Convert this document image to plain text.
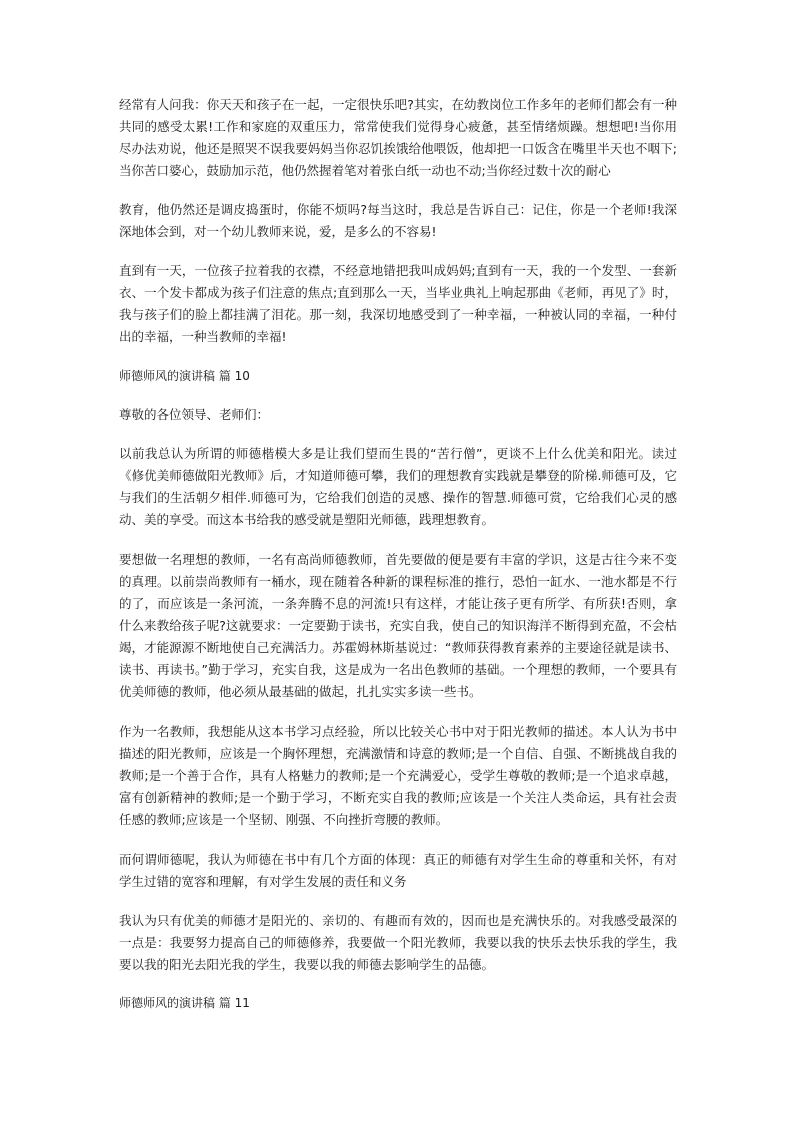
经常有人问我：你天天和孩子在一起，一定很快乐吧?其实，在幼教岗位工作多年的老师们都会有一种共同的感受太累!工作和家庭的双重压力，常常使我们觉得身心疲惫，甚至情绪烦躁。想想吧!当你用尽办法劝说，他还是照哭不误我要妈妈当你忍饥挨饿给他喂饭，他却把一口饭含在嘴里半天也不咽下;当你苦口婆心，鼓励加示范，他仍然握着笔对着张白纸一动也不动;当你经过数十次的耐心

教育，他仍然还是调皮捣蛋时，你能不烦吗?每当这时，我总是告诉自己：记住，你是一个老师!我深深地体会到，对一个幼儿教师来说，爱，是多么的不容易!

直到有一天，一位孩子拉着我的衣襟，不经意地错把我叫成妈妈;直到有一天，我的一个发型、一套新衣、一个发卡都成为孩子们注意的焦点;直到那么一天，当毕业典礼上响起那曲《老师，再见了》时，我与孩子们的脸上都挂满了泪花。那一刻，我深切地感受到了一种幸福，一种被认同的幸福，一种付出的幸福，一种当教师的幸福!

师德师风的演讲稿 篇 10

尊敬的各位领导、老师们：

以前我总认为所谓的师德楷模大多是让我们望而生畏的“苦行僧”，更谈不上什么优美和阳光。读过《修优美师德做阳光教师》后，才知道师德可攀，我们的理想教育实践就是攀登的阶梯.师德可及，它与我们的生活朝夕相伴.师德可为，它给我们创造的灵感、操作的智慧.师德可赏，它给我们心灵的感动、美的享受。而这本书给我的感受就是塑阳光师德，践理想教育。

要想做一名理想的教师，一名有高尚师德教师，首先要做的便是要有丰富的学识，这是古往今来不变的真理。以前崇尚教师有一桶水，现在随着各种新的课程标准的推行，恐怕一缸水、一池水都是不行的了，而应该是一条河流，一条奔腾不息的河流!只有这样，才能让孩子更有所学、有所获!否则，拿什么来教给孩子呢?这就要求：一定要勤于读书，充实自我，使自己的知识海洋不断得到充盈，不会枯竭，才能源源不断地使自己充满活力。苏霍姆林斯基说过：“教师获得教育素养的主要途径就是读书、读书、再读书。”勤于学习，充实自我，这是成为一名出色教师的基础。一个理想的教师，一个要具有优美师德的教师，他必须从最基础的做起，扎扎实实多读一些书。

作为一名教师，我想能从这本书学习点经验，所以比较关心书中对于阳光教师的描述。本人认为书中描述的阳光教师，应该是一个胸怀理想，充满激情和诗意的教师;是一个自信、自强、不断挑战自我的教师;是一个善于合作，具有人格魅力的教师;是一个充满爱心，受学生尊敬的教师;是一个追求卓越，富有创新精神的教师;是一个勤于学习，不断充实自我的教师;应该是一个关注人类命运，具有社会责任感的教师;应该是一个坚韧、刚强、不向挫折弯腰的教师。

而何谓师德呢，我认为师德在书中有几个方面的体现：真正的师德有对学生生命的尊重和关怀，有对学生过错的宽容和理解，有对学生发展的责任和义务

我认为只有优美的师德才是阳光的、亲切的、有趣而有效的，因而也是充满快乐的。对我感受最深的一点是：我要努力提高自己的师德修养，我要做一个阳光教师，我要以我的快乐去快乐我的学生，我要以我的阳光去阳光我的学生，我要以我的师德去影响学生的品德。

师德师风的演讲稿 篇 11
